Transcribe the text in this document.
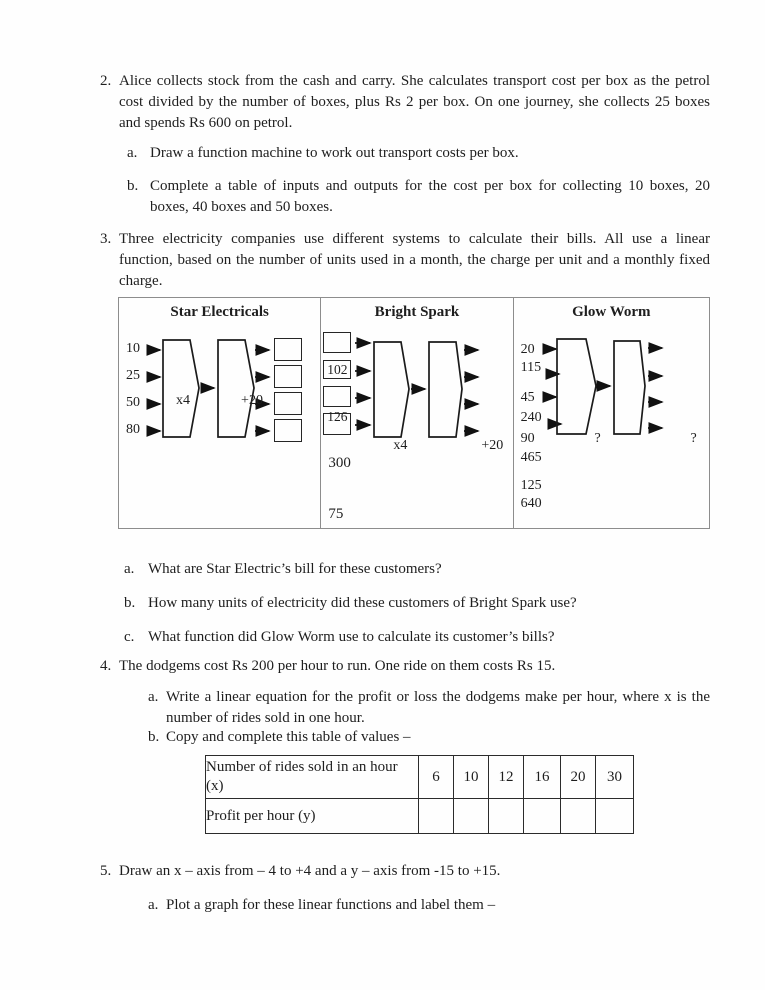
2. Alice collects stock from the cash and carry. She calculates transport cost per box as the petrol
cost divided by the number of boxes, plus Rs 2 per box. On one journey, she collects 25 boxes
and spends Rs 600 on petrol.
a. Draw a function machine to work out transport costs per box.
b. Complete a table of inputs and outputs for the cost per box for collecting 10 boxes, 20
boxes, 40 boxes and 50 boxes.
3. Three electricity companies use different systems to calculate their bills. All use a linear
function, based on the number of units used in a month, the charge per unit and a monthly fixed
charge.
Star Electricals
10
25
50
80
x4	+20
Bright Spark
102
126
x4	+20
300
75
Glow Worm
20
115
45
240
90
465
125
640
?	?
a. What are Star Electric’s bill for these customers?
b. How many units of electricity did these customers of Bright Spark use?
c. What function did Glow Worm use to calculate its customer’s bills?
4. The dodgems cost Rs 200 per hour to run. One ride on them costs Rs 15.
a. Write a linear equation for the profit or loss the dodgems make per hour, where x is the
number of rides sold in one hour.
b. Copy and complete this table of values –
Number of rides sold in an hour
(x)	6	10	12	16	20	30
Profit per hour (y)						
5. Draw an x – axis from – 4 to +4 and a y – axis from -15 to +15.
a. Plot a graph for these linear functions and label them –
